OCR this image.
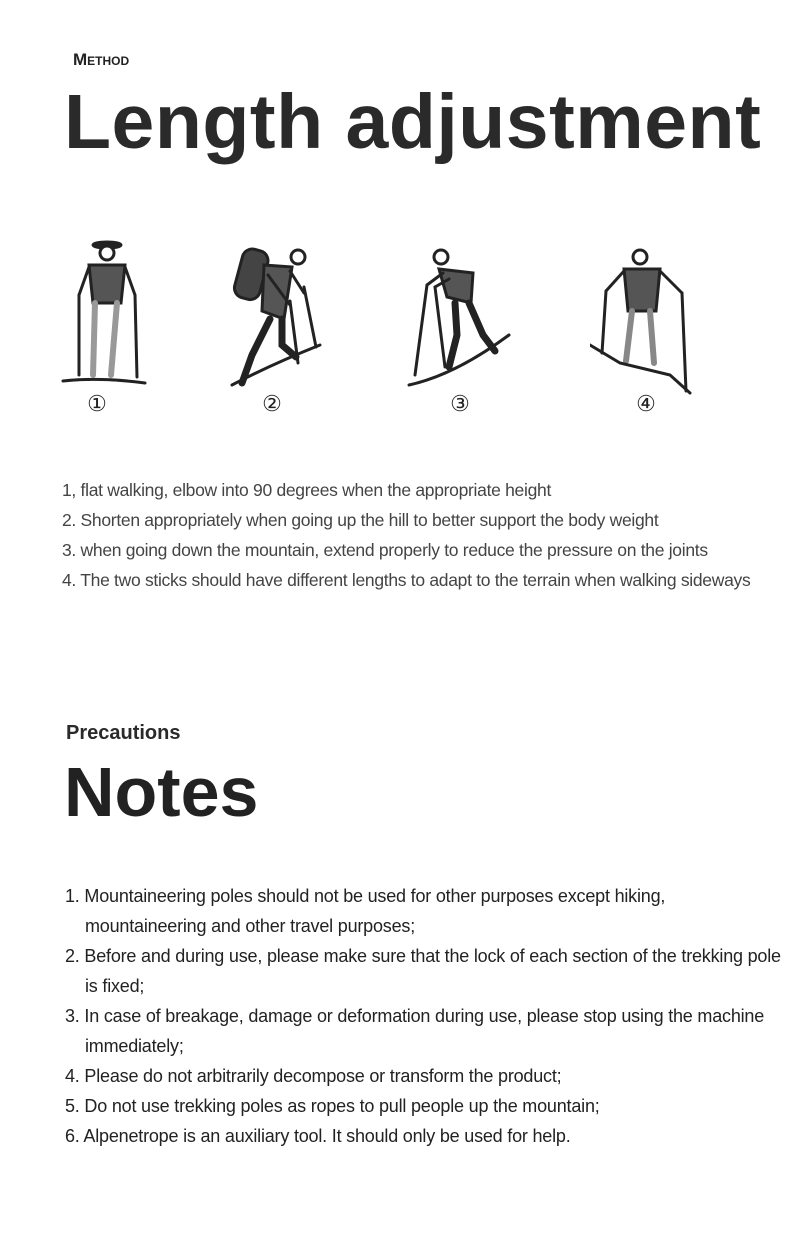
Method
Length adjustment
①	②	③	④
1, flat walking, elbow into 90 degrees when the appropriate height
2. Shorten appropriately when going up the hill to better support the body weight
3. when going down the mountain, extend properly to reduce the pressure on the joints
4. The two sticks should have different lengths to adapt to the terrain when walking sideways
Precautions
Notes
1. Mountaineering poles should not be used for other purposes except hiking, mountaineering and other travel purposes;
2. Before and during use, please make sure that the lock of each section of the trekking pole is fixed;
3. In case of breakage, damage or deformation during use, please stop using the machine immediately;
4. Please do not arbitrarily decompose or transform the product;
5. Do not use trekking poles as ropes to pull people up the mountain;
6. Alpenetrope is an auxiliary tool. It should only be used for help.
